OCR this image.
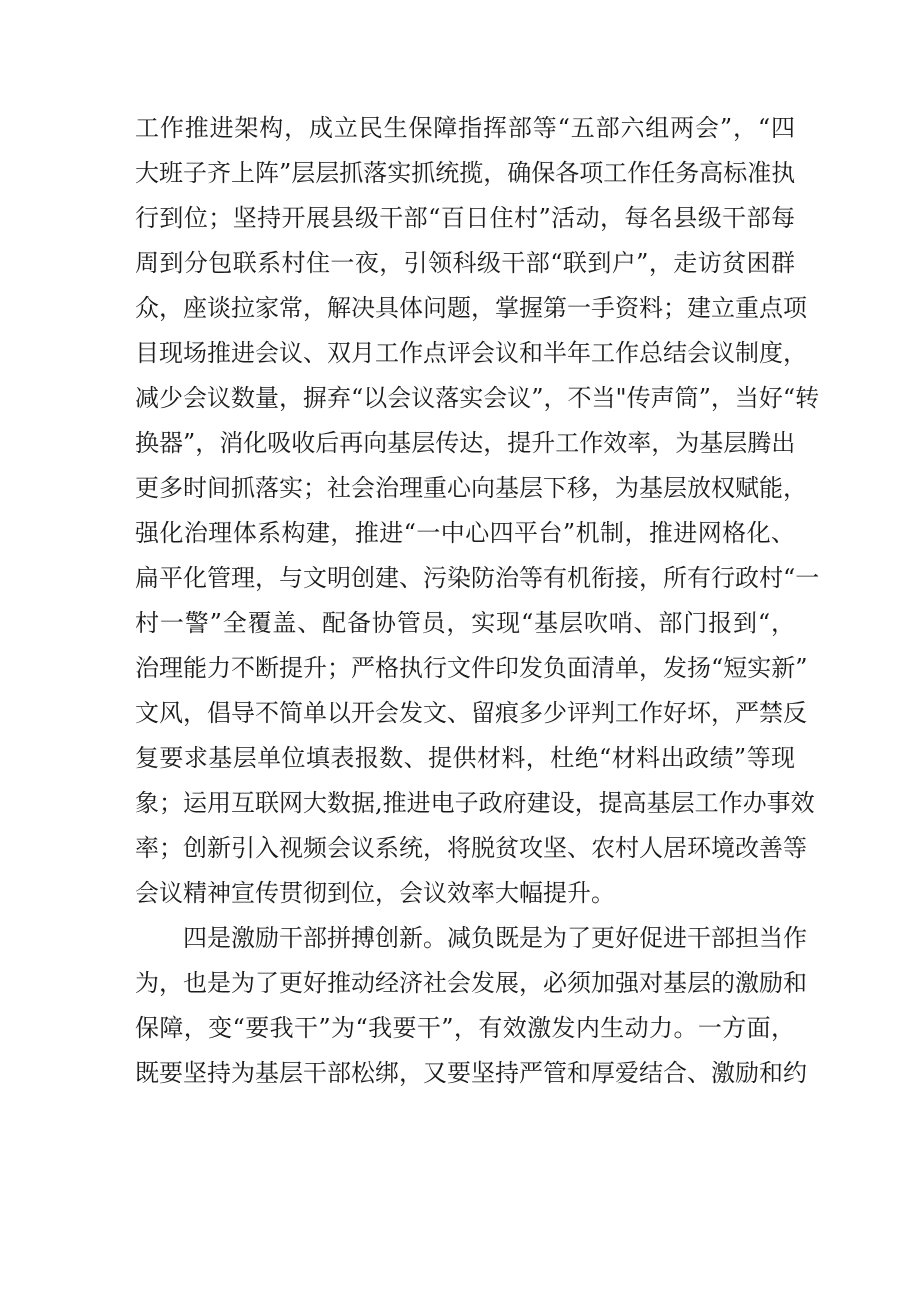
工作推进架构，成立民生保障指挥部等“五部六组两会”，“四
大班子齐上阵”层层抓落实抓统揽，确保各项工作任务高标准执
行到位；坚持开展县级干部“百日住村”活动，每名县级干部每
周到分包联系村住一夜，引领科级干部“联到户”，走访贫困群
众，座谈拉家常，解决具体问题，掌握第一手资料；建立重点项
目现场推进会议、双月工作点评会议和半年工作总结会议制度，
减少会议数量，摒弃“以会议落实会议”，不当"传声筒”，当好“转
换器”，消化吸收后再向基层传达，提升工作效率，为基层腾出
更多时间抓落实；社会治理重心向基层下移，为基层放权赋能，
强化治理体系构建，推进“一中心四平台”机制，推进网格化、
扁平化管理，与文明创建、污染防治等有机衔接，所有行政村“一
村一警”全覆盖、配备协管员，实现“基层吹哨、部门报到“，
治理能力不断提升；严格执行文件印发负面清单，发扬“短实新”
文风，倡导不简单以开会发文、留痕多少评判工作好坏，严禁反
复要求基层单位填表报数、提供材料，杜绝“材料出政绩”等现
象；运用互联网大数据,推进电子政府建设，提高基层工作办事效
率；创新引入视频会议系统，将脱贫攻坚、农村人居环境改善等
会议精神宣传贯彻到位，会议效率大幅提升。
四是激励干部拼搏创新。减负既是为了更好促进干部担当作
为，也是为了更好推动经济社会发展，必须加强对基层的激励和
保障，变“要我干”为“我要干”，有效激发内生动力。一方面，
既要坚持为基层干部松绑，又要坚持严管和厚爱结合、激励和约
